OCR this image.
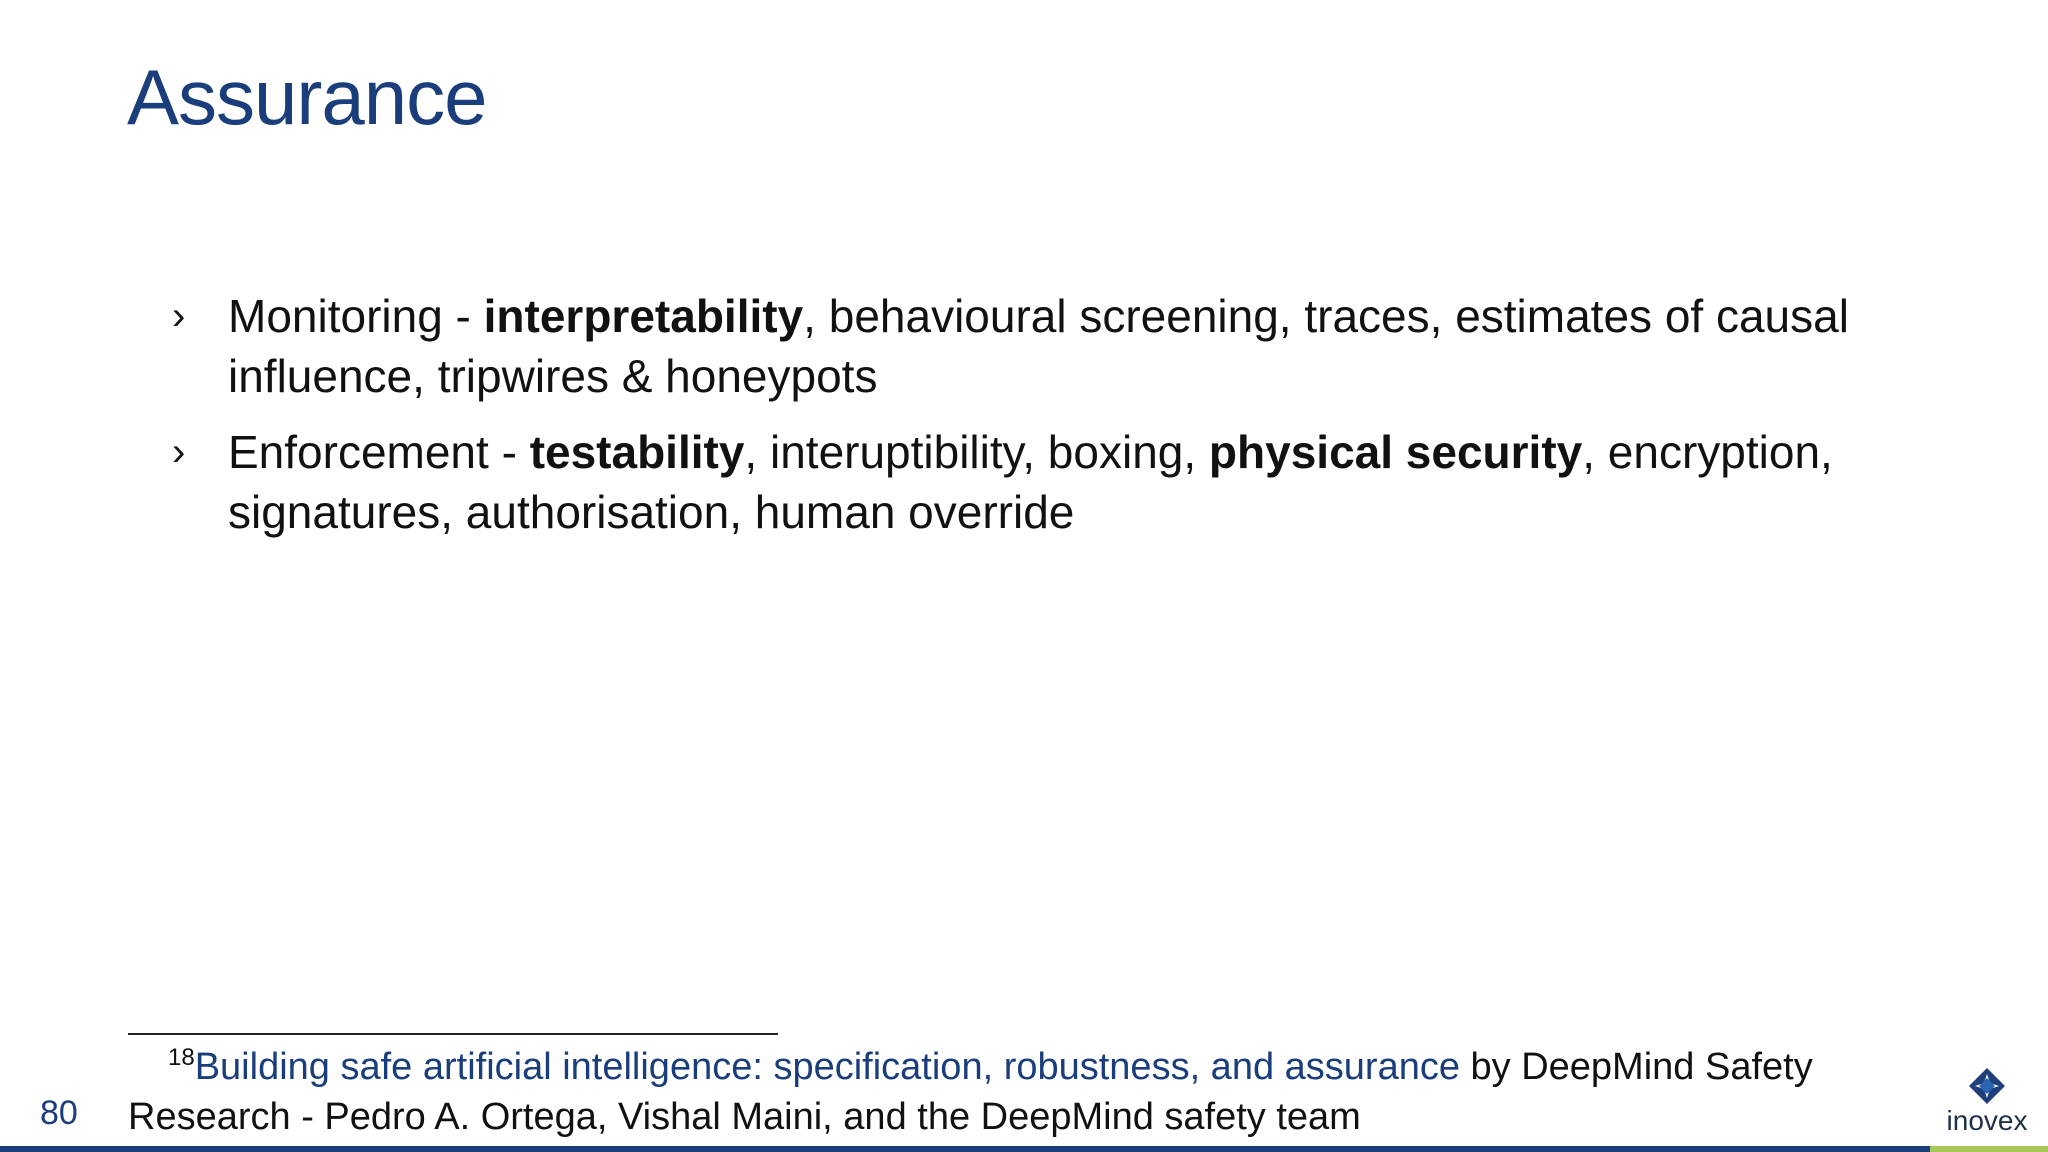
Assurance
› Monitoring - interpretability, behavioural screening, traces, estimates of causal influence, tripwires & honeypots
› Enforcement - testability, interuptibility, boxing, physical security, encryption, signatures, authorisation, human override
$^{18}$Building safe artificial intelligence: specification, robustness, and assurance by DeepMind Safety Research - Pedro A. Ortega, Vishal Maini, and the DeepMind safety team
80	inovex
